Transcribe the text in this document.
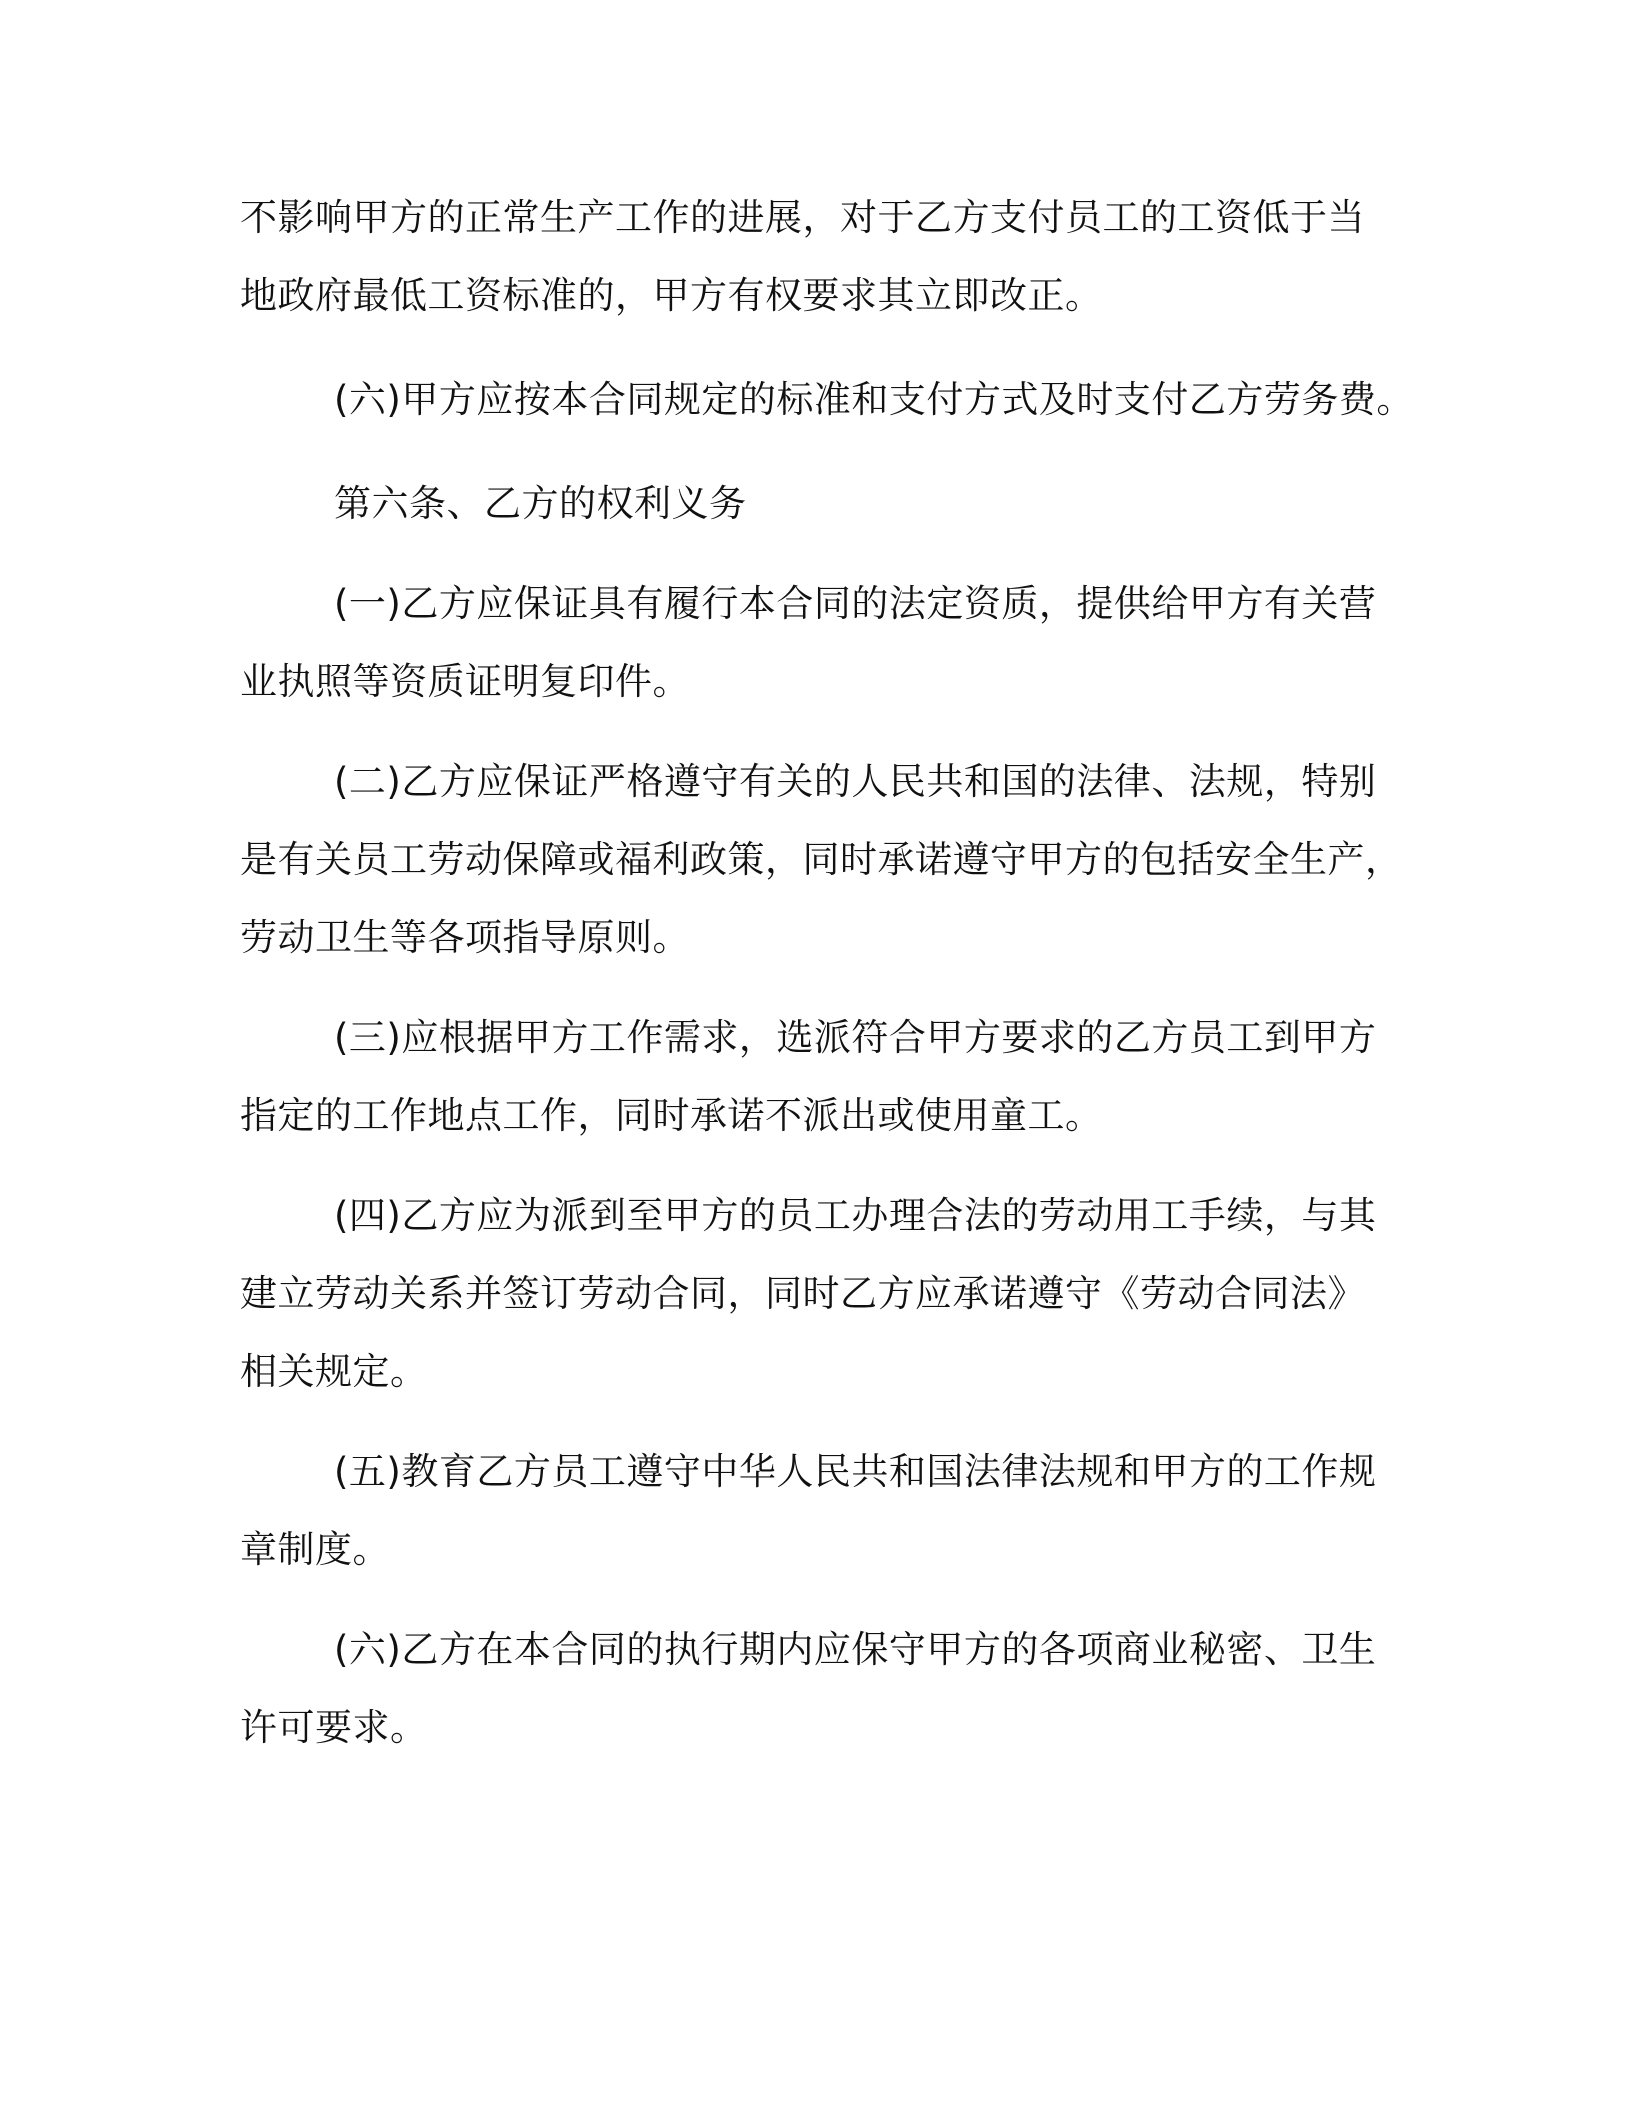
不影响甲方的正常生产工作的进展，对于乙方支付员工的工资低于当
地政府最低工资标准的，甲方有权要求其立即改正。
(六)甲方应按本合同规定的标准和支付方式及时支付乙方劳务费。
第六条、乙方的权利义务
(一)乙方应保证具有履行本合同的法定资质，提供给甲方有关营
业执照等资质证明复印件。
(二)乙方应保证严格遵守有关的人民共和国的法律、法规，特别
是有关员工劳动保障或福利政策，同时承诺遵守甲方的包括安全生产，
劳动卫生等各项指导原则。
(三)应根据甲方工作需求，选派符合甲方要求的乙方员工到甲方
指定的工作地点工作，同时承诺不派出或使用童工。
(四)乙方应为派到至甲方的员工办理合法的劳动用工手续，与其
建立劳动关系并签订劳动合同，同时乙方应承诺遵守《劳动合同法》
相关规定。
(五)教育乙方员工遵守中华人民共和国法律法规和甲方的工作规
章制度。
(六)乙方在本合同的执行期内应保守甲方的各项商业秘密、卫生
许可要求。
